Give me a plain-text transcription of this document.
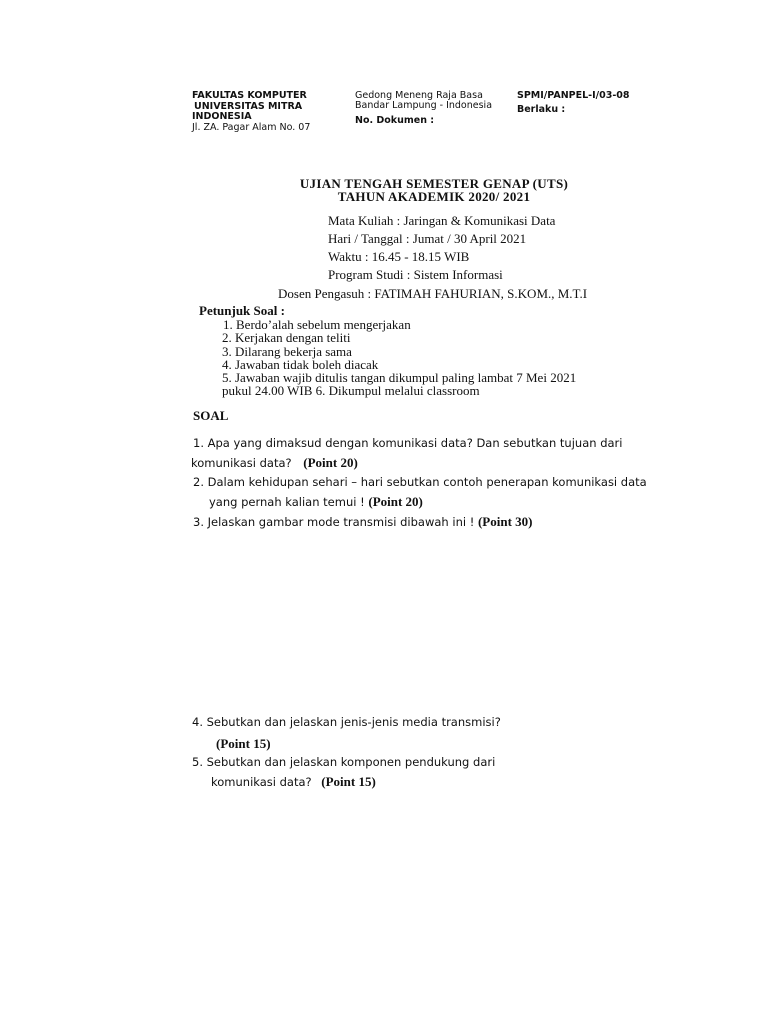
FAKULTAS KOMPUTER
UNIVERSITAS MITRA
INDONESIA
Jl. ZA. Pagar Alam No. 07
Gedong Meneng Raja Basa
Bandar Lampung - Indonesia
No. Dokumen :
SPMI/PANPEL-I/03-08
Berlaku :
UJIAN TENGAH SEMESTER GENAP (UTS)
TAHUN AKADEMIK 2020/ 2021
Mata Kuliah : Jaringan & Komunikasi Data
Hari / Tanggal : Jumat / 30 April 2021
Waktu : 16.45 - 18.15 WIB
Program Studi : Sistem Informasi
Dosen Pengasuh : FATIMAH FAHURIAN, S.KOM., M.T.I
Petunjuk Soal :
1. Berdo’alah sebelum mengerjakan
2. Kerjakan dengan teliti
3. Dilarang bekerja sama
4. Jawaban tidak boleh diacak
5. Jawaban wajib ditulis tangan dikumpul paling lambat 7 Mei 2021
pukul 24.00 WIB 6. Dikumpul melalui classroom
SOAL
1. Apa yang dimaksud dengan komunikasi data? Dan sebutkan tujuan dari
komunikasi data? (Point 20)
2. Dalam kehidupan sehari – hari sebutkan contoh penerapan komunikasi data
yang pernah kalian temui ! (Point 20)
3. Jelaskan gambar mode transmisi dibawah ini ! (Point 30)
4. Sebutkan dan jelaskan jenis-jenis media transmisi?
(Point 15)
5. Sebutkan dan jelaskan komponen pendukung dari
komunikasi data? (Point 15)
